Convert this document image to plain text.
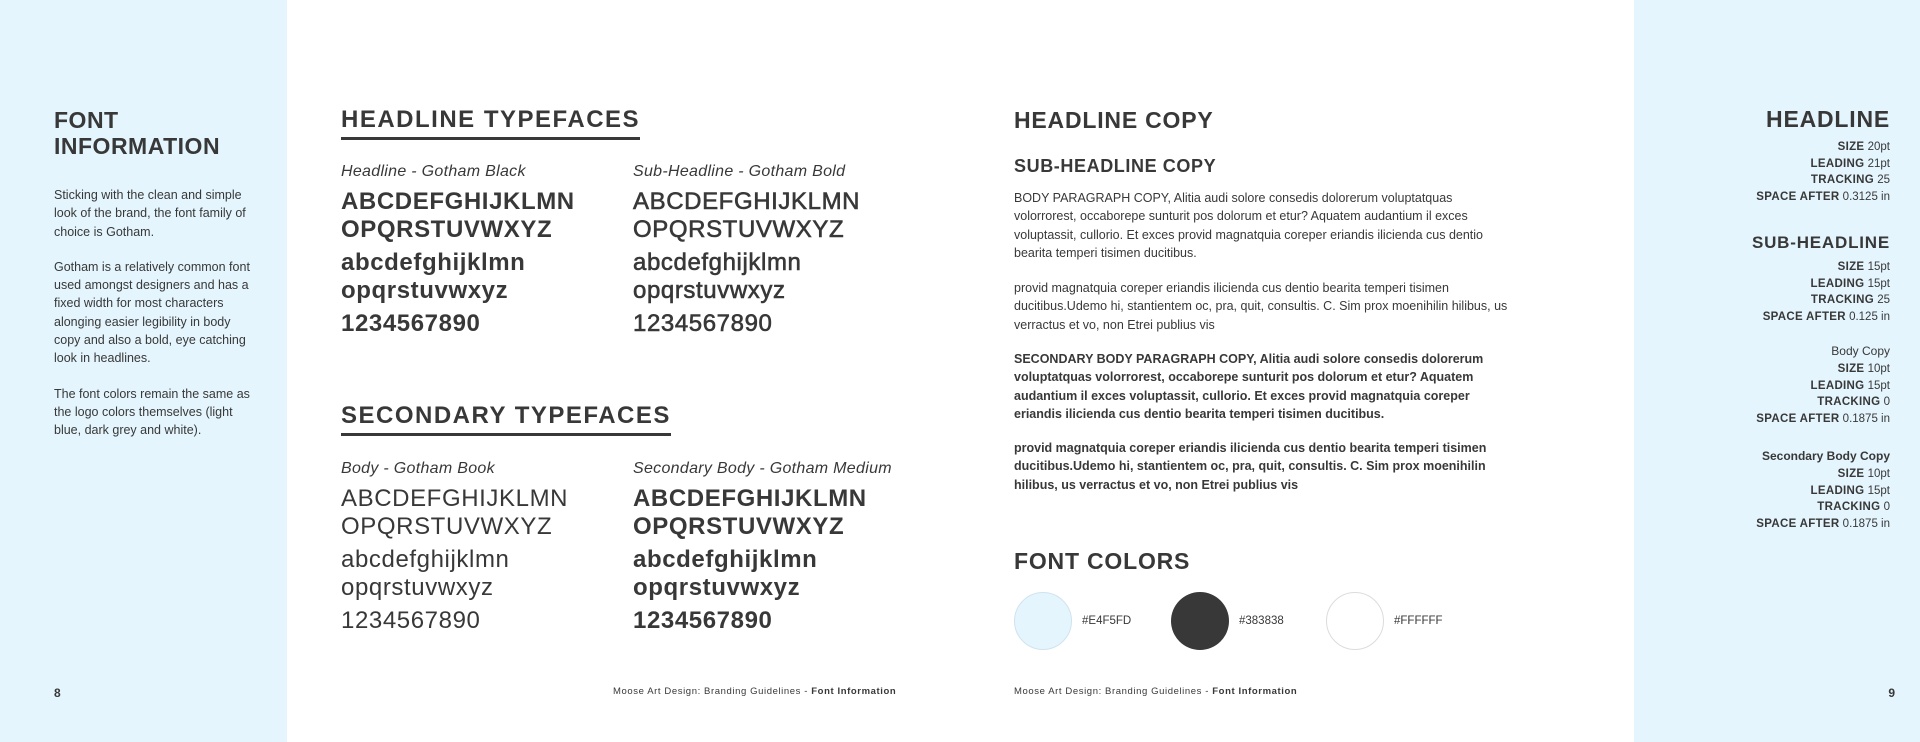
FONT
INFORMATION

Sticking with the clean and simple look of the brand, the font family of choice is Gotham.

Gotham is a relatively common font used amongst designers and has a fixed width for most characters alonging easier legibility in body copy and also a bold, eye catching look in headlines.

The font colors remain the same as the logo colors themselves (light blue, dark grey and white).

8
HEADLINE TYPEFACES
Headline - Gotham Black
ABCDEFGHIJKLMN
OPQRSTUVWXYZ
abcdefghijklmn
opqrstuvwxyz
1234567890
Sub-Headline - Gotham Bold
ABCDEFGHIJKLMN
OPQRSTUVWXYZ
abcdefghijklmn
opqrstuvwxyz
1234567890
SECONDARY TYPEFACES
Body - Gotham Book
ABCDEFGHIJKLMN
OPQRSTUVWXYZ
abcdefghijklmn
opqrstuvwxyz
1234567890
Secondary Body - Gotham Medium
ABCDEFGHIJKLMN
OPQRSTUVWXYZ
abcdefghijklmn
opqrstuvwxyz
1234567890
Moose Art Design: Branding Guidelines - Font Information
HEADLINE COPY
SUB-HEADLINE COPY
BODY PARAGRAPH COPY, Alitia audi solore consedis dolorerum voluptatquas volorrorest, occaborepe sunturit pos dolorum et etur? Aquatem audantium il exces voluptassit, cullorio. Et exces provid magnatquia coreper eriandis ilicienda cus dentio bearita temperi tisimen ducitibus.
provid magnatquia coreper eriandis ilicienda cus dentio bearita temperi tisimen ducitibus.Udemo hi, stantientem oc, pra, quit, consultis. C. Sim prox moenihilin hilibus, us verractus et vo, non Etrei publius vis
SECONDARY BODY PARAGRAPH COPY, Alitia audi solore consedis dolorerum voluptatquas volorrorest, occaborepe sunturit pos dolorum et etur? Aquatem audantium il exces voluptassit, cullorio. Et exces provid magnatquia coreper eriandis ilicienda cus dentio bearita temperi tisimen ducitibus.
provid magnatquia coreper eriandis ilicienda cus dentio bearita temperi tisimen ducitibus.Udemo hi, stantientem oc, pra, quit, consultis. C. Sim prox moenihilin hilibus, us verractus et vo, non Etrei publius vis
FONT COLORS
#E4F5FD	#383838	#FFFFFF
Moose Art Design: Branding Guidelines - Font Information
HEADLINE
SIZE 20pt
LEADING 21pt
TRACKING 25
SPACE AFTER 0.3125 in
SUB-HEADLINE
SIZE 15pt
LEADING 15pt
TRACKING 25
SPACE AFTER 0.125 in
Body Copy
SIZE 10pt
LEADING 15pt
TRACKING 0
SPACE AFTER 0.1875 in
Secondary Body Copy
SIZE 10pt
LEADING 15pt
TRACKING 0
SPACE AFTER 0.1875 in
9
